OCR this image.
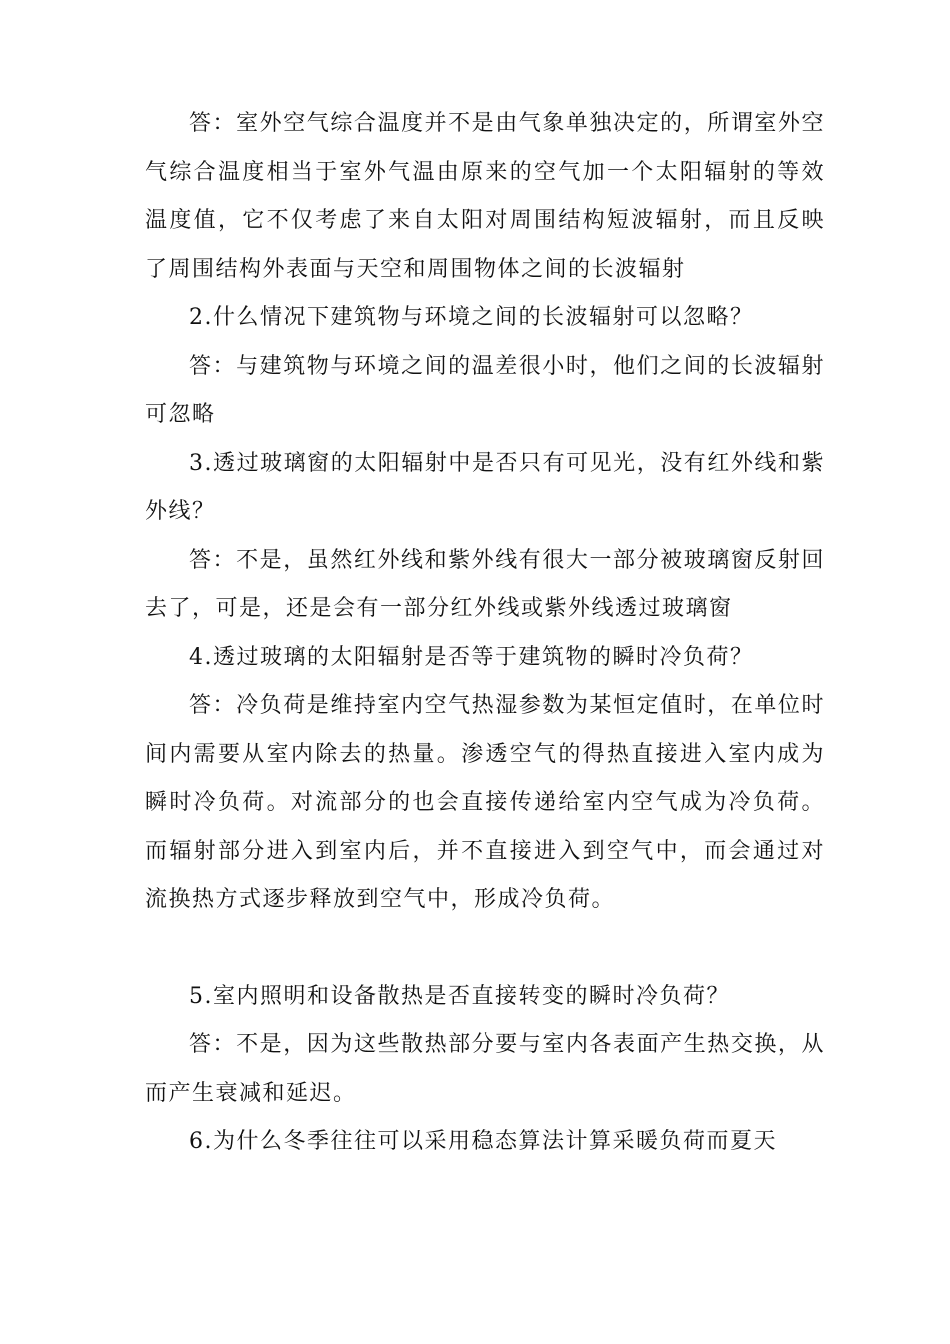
答：室外空气综合温度并不是由气象单独决定的，所谓室外空气综合温度相当于室外气温由原来的空气加一个太阳辐射的等效温度值，它不仅考虑了来自太阳对周围结构短波辐射，而且反映了周围结构外表面与天空和周围物体之间的长波辐射

2.什么情况下建筑物与环境之间的长波辐射可以忽略？

答：与建筑物与环境之间的温差很小时，他们之间的长波辐射可忽略

3.透过玻璃窗的太阳辐射中是否只有可见光，没有红外线和紫外线？

答：不是，虽然红外线和紫外线有很大一部分被玻璃窗反射回去了，可是，还是会有一部分红外线或紫外线透过玻璃窗

4.透过玻璃的太阳辐射是否等于建筑物的瞬时冷负荷？

答：冷负荷是维持室内空气热湿参数为某恒定值时，在单位时间内需要从室内除去的热量。渗透空气的得热直接进入室内成为瞬时冷负荷。对流部分的也会直接传递给室内空气成为冷负荷。而辐射部分进入到室内后，并不直接进入到空气中，而会通过对流换热方式逐步释放到空气中，形成冷负荷。

5.室内照明和设备散热是否直接转变的瞬时冷负荷？

答：不是，因为这些散热部分要与室内各表面产生热交换，从而产生衰减和延迟。

6.为什么冬季往往可以采用稳态算法计算采暖负荷而夏天
